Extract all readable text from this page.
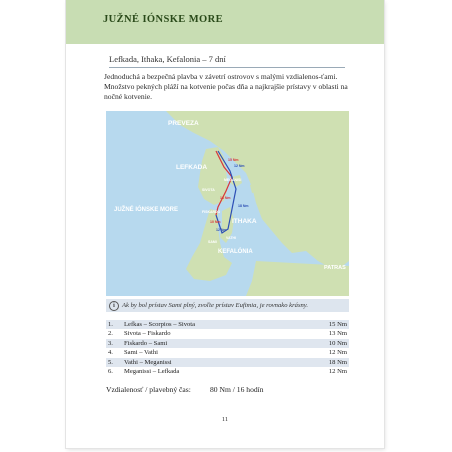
JUŽNÉ IÓNSKE MORE
Lefkada, Ithaka, Kefalonia – 7 dní
Jednoduchá a bezpečná plavba v závetrí ostrovov s malými vzdialenos-ťami. Množstvo pekných pláží na kotvenie počas dňa a najkrajšie prístavy v oblasti na nočné kotvenie.
PREVEZA
LEFKADA
JUŽNÉ IÓNSKE MORE
ITHAKA
KEFALÓNIA
PATRAS
MEGANISI
SIVOTA
VATHI
SAMI
FISKARDO
15 Nm
13 Nm
10 Nm
12 Nm
18 Nm
12 Nm
i	Ak by bol prístav Sami plný, zvoľte prístav Eufimia, je rovnako krásny.
1.	Lefkas – Scorpios – Sivota	15 Nm
2.	Sivota – Fiskardo	13 Nm
3.	Fiskardo – Sami	10 Nm
4.	Sami – Vathi	12 Nm
5.	Vathi – Meganissi	18 Nm
6.	Meganissi – Lefkada	12 Nm
Vzdialenosť / plavebný čas:	80 Nm / 16 hodín
11
